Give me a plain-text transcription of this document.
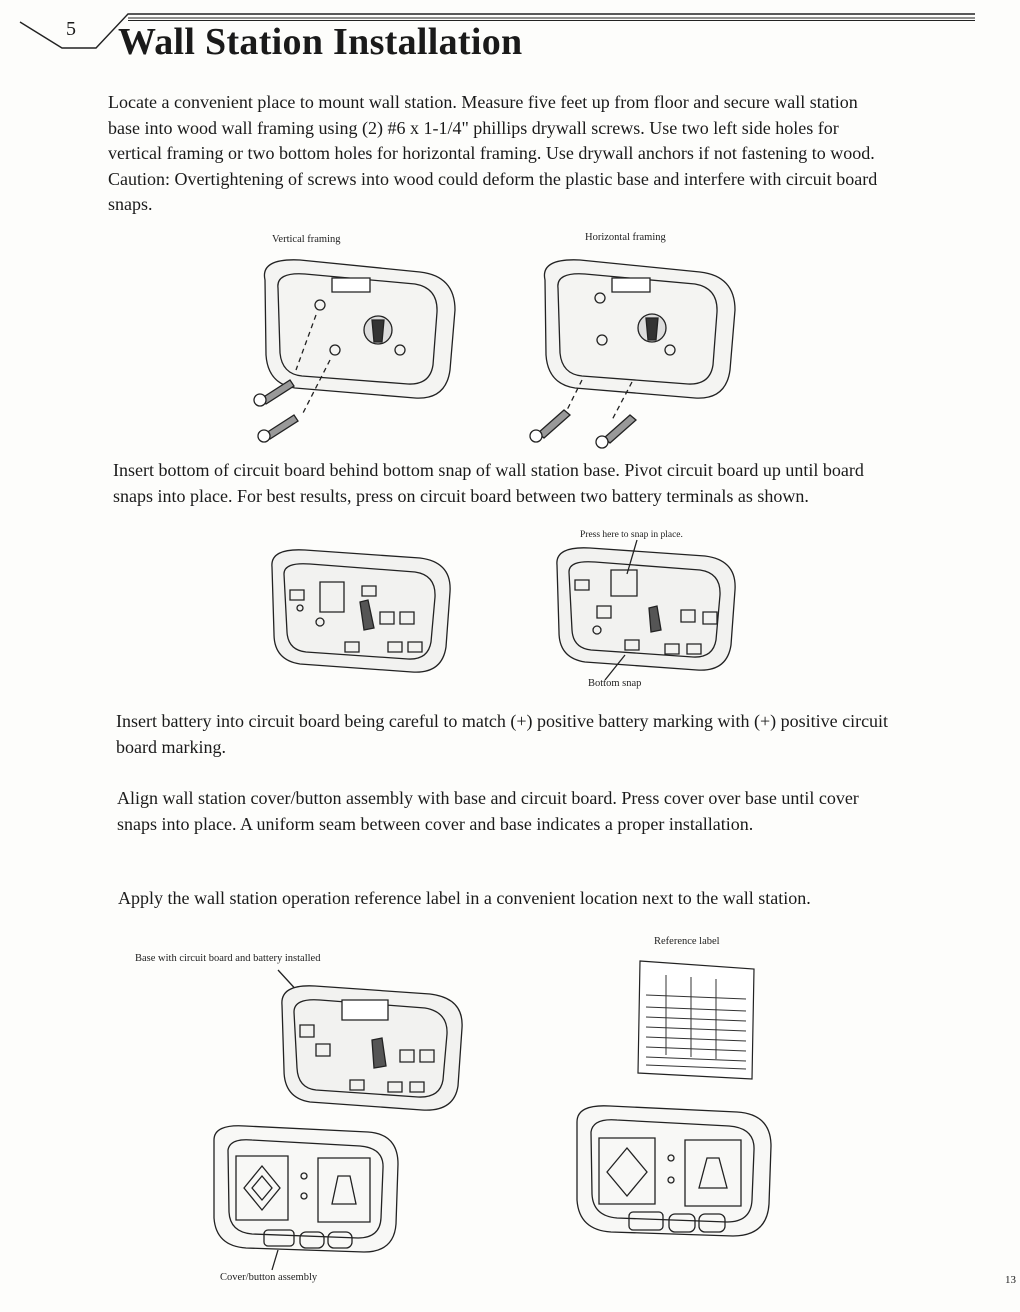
5 Wall Station Installation
Locate a convenient place to mount wall station. Measure five feet up from floor and secure wall station base into wood wall framing using (2) #6 x 1-1/4" phillips drywall screws. Use two left side holes for vertical framing or two bottom holes for horizontal framing. Use drywall anchors if not fastening to wood. Caution: Overtightening of screws into wood could deform the plastic base and interfere with circuit board snaps.
Insert bottom of circuit board behind bottom snap of wall station base. Pivot circuit board up until board snaps into place. For best results, press on circuit board between two battery terminals as shown.
Insert battery into circuit board being careful to match (+) positive battery marking with (+) positive circuit board marking.
Align wall station cover/button assembly with base and circuit board. Press cover over base until cover snaps into place. A uniform seam between cover and base indicates a proper installation.
Apply the wall station operation reference label in a convenient location next to the wall station.
Vertical framing	Horizontal framing
Press here to snap in place.
Bottom snap
Base with circuit board and battery installed
Reference label
Cover/button assembly	13
